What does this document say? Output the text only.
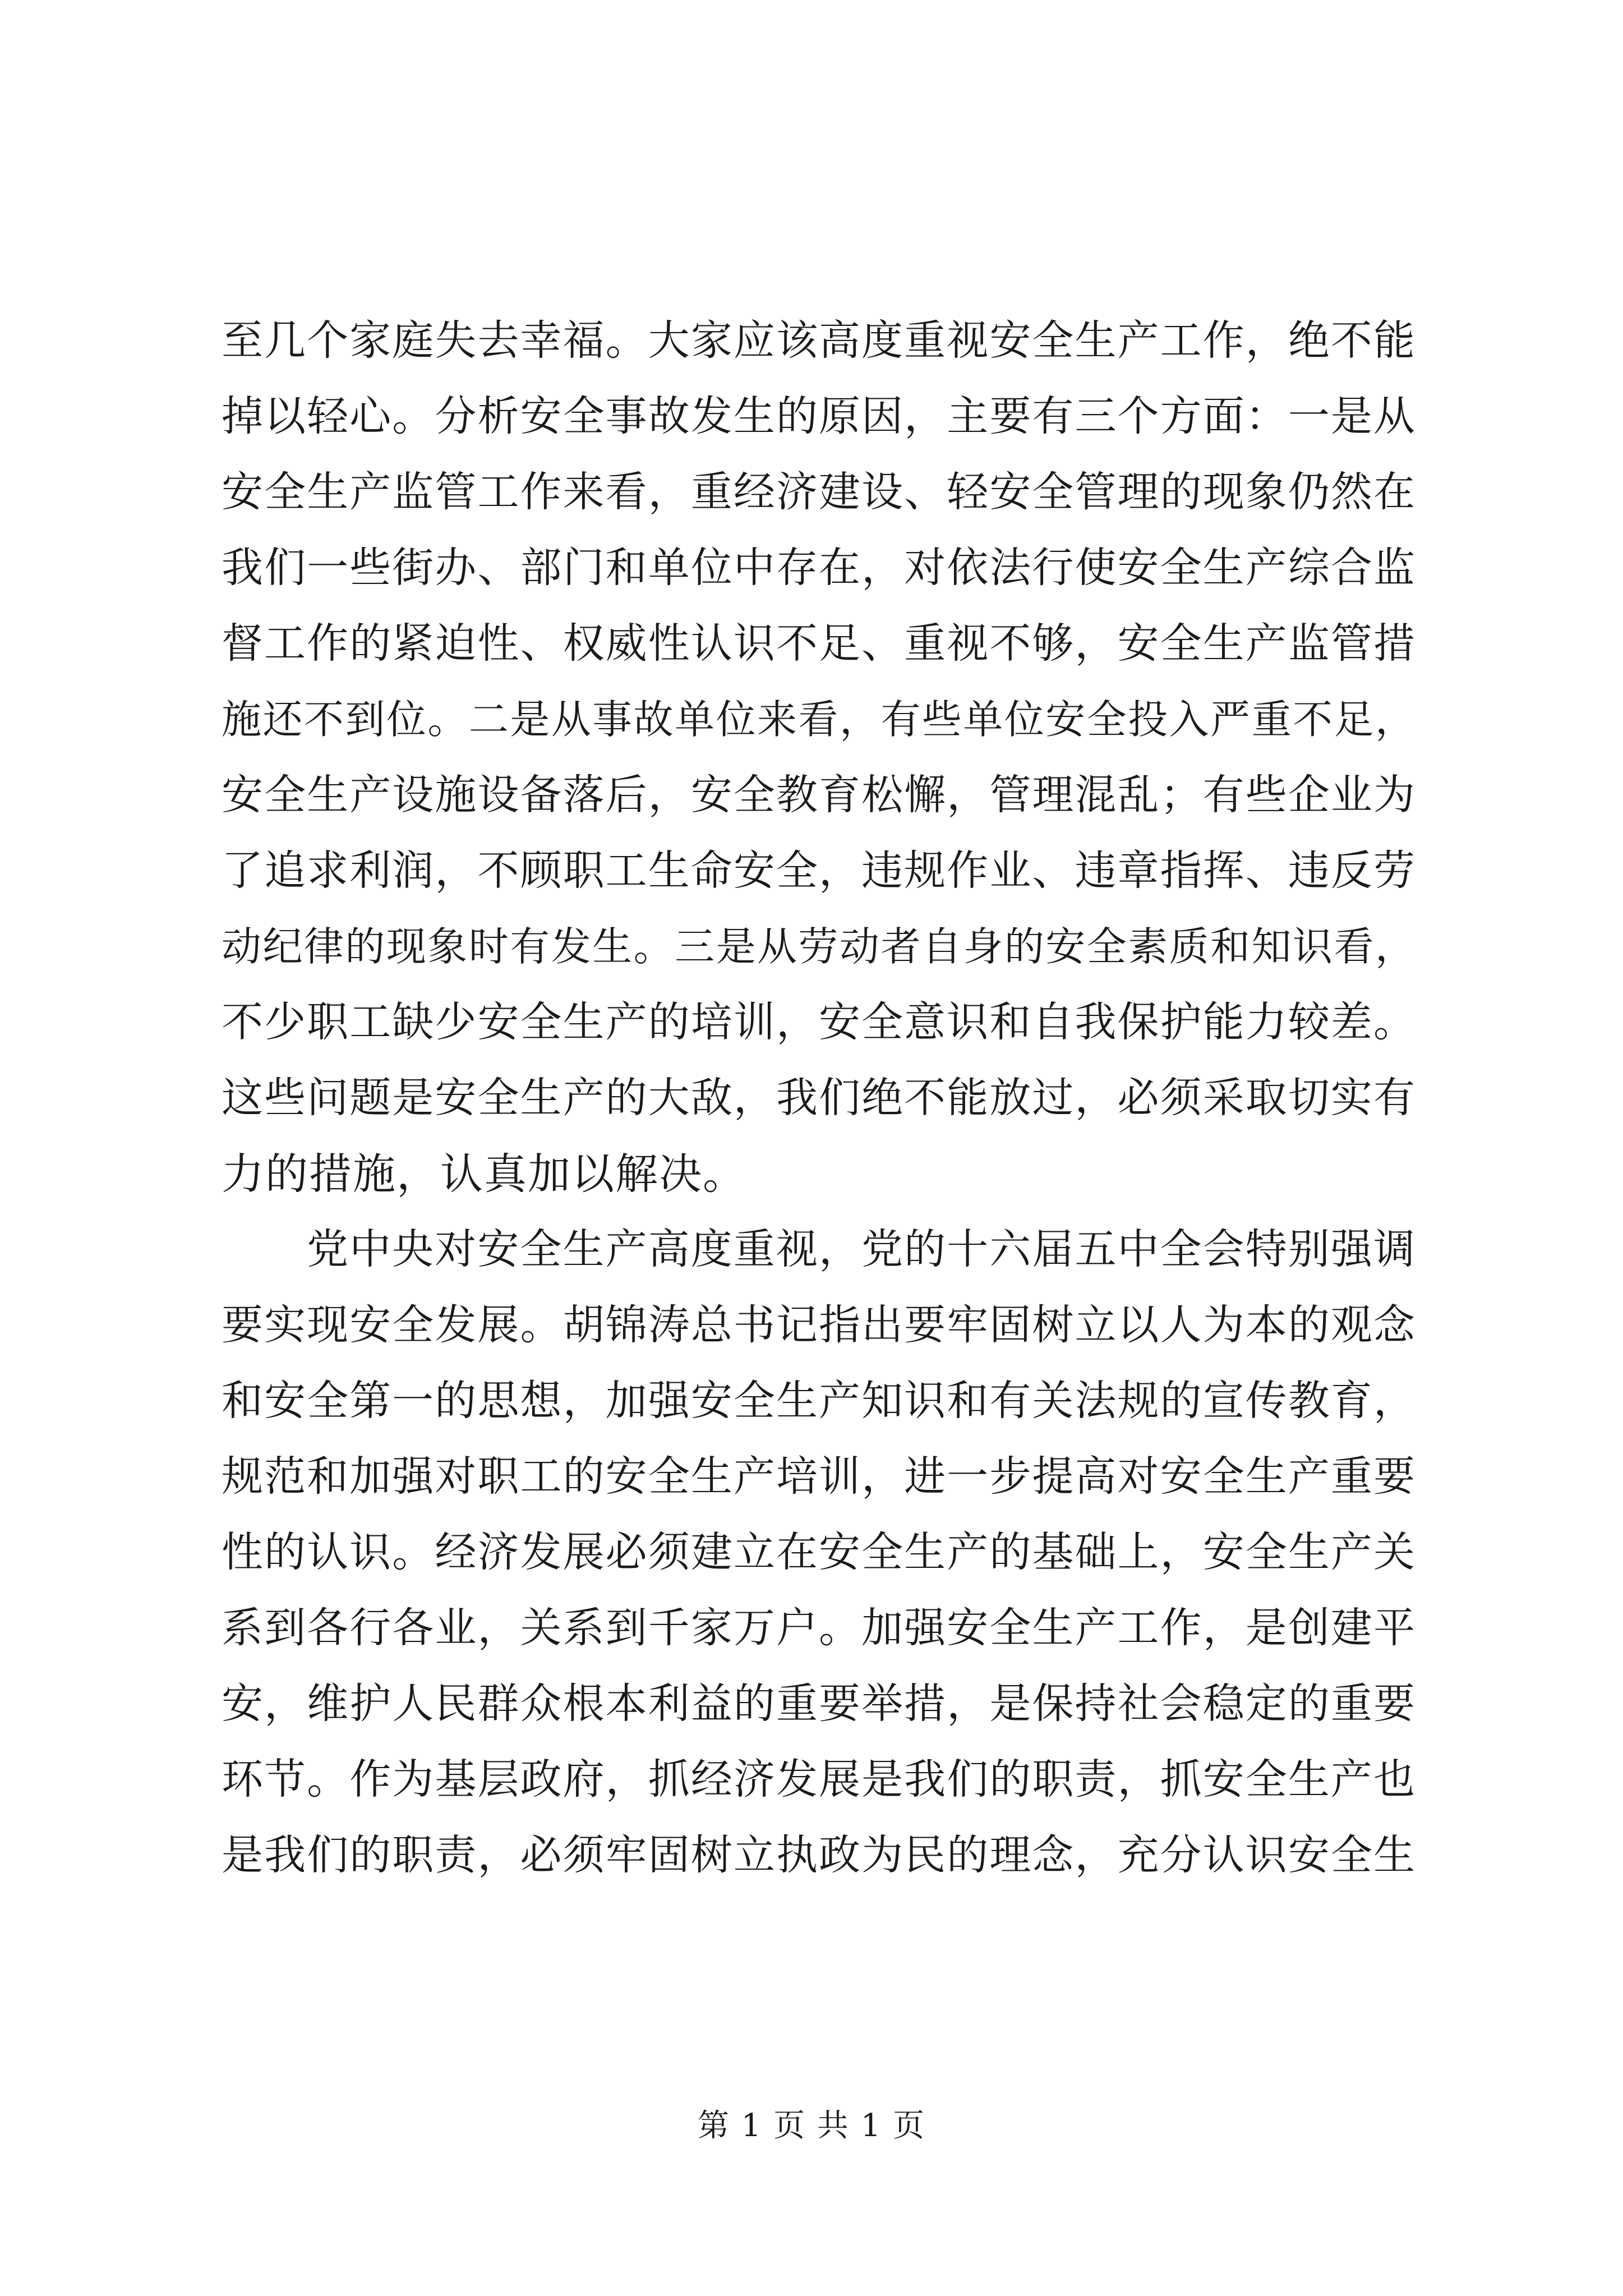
至几个家庭失去幸福。大家应该高度重视安全生产工作，绝不能
掉以轻心。分析安全事故发生的原因，主要有三个方面：一是从
安全生产监管工作来看，重经济建设、轻安全管理的现象仍然在
我们一些街办、部门和单位中存在，对依法行使安全生产综合监
督工作的紧迫性、权威性认识不足、重视不够，安全生产监管措
施还不到位。二是从事故单位来看，有些单位安全投入严重不足，
安全生产设施设备落后，安全教育松懈，管理混乱；有些企业为
了追求利润，不顾职工生命安全，违规作业、违章指挥、违反劳
动纪律的现象时有发生。三是从劳动者自身的安全素质和知识看，
不少职工缺少安全生产的培训，安全意识和自我保护能力较差。
这些问题是安全生产的大敌，我们绝不能放过，必须采取切实有
力的措施，认真加以解决。
党中央对安全生产高度重视，党的十六届五中全会特别强调
要实现安全发展。胡锦涛总书记指出要牢固树立以人为本的观念
和安全第一的思想，加强安全生产知识和有关法规的宣传教育，
规范和加强对职工的安全生产培训，进一步提高对安全生产重要
性的认识。经济发展必须建立在安全生产的基础上，安全生产关
系到各行各业，关系到千家万户。加强安全生产工作，是创建平
安，维护人民群众根本利益的重要举措，是保持社会稳定的重要
环节。作为基层政府，抓经济发展是我们的职责，抓安全生产也
是我们的职责，必须牢固树立执政为民的理念，充分认识安全生
第 1 页 共 1 页
